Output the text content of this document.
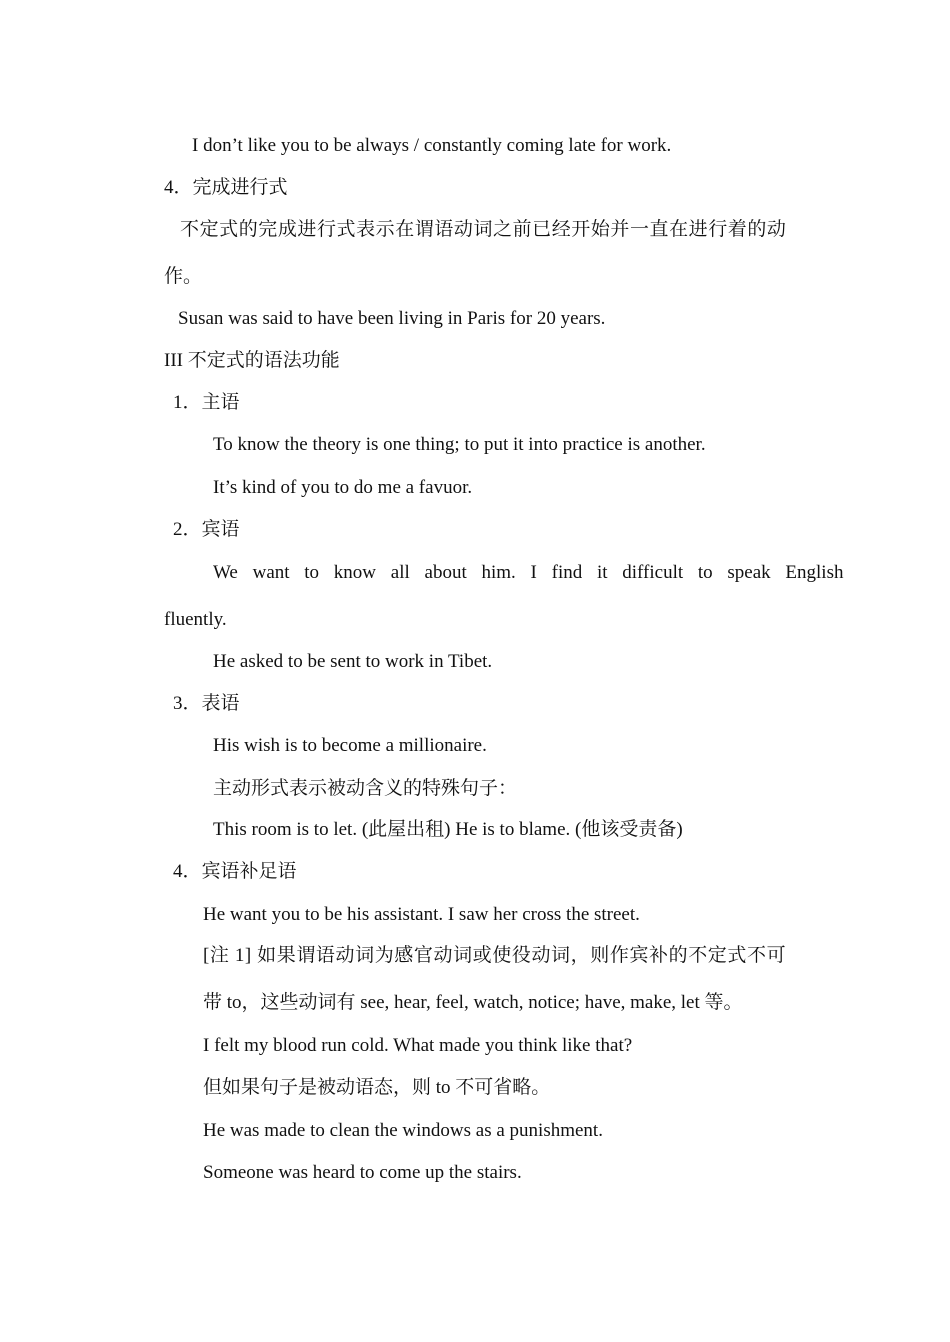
I don’t like you to be always / constantly coming late for work.
4．完成进行式
不 定 式 的 完 成 进 行 式 表 示 在 谓 语 动 词 之 前 已 经 开 始 并 一 直 在 进 行 着 的 动
作。
Susan was said to have been living in Paris for 20 years.
III 不定式的语法功能
1．主语
To know the theory is one thing; to put it into practice is another.
It’s kind of you to do me a favuor.
2．宾语
We want to know all about him. I find it difficult to speak English
fluently.
He asked to be sent to work in Tibet.
3．表语
His wish is to become a millionaire.
主动形式表示被动含义的特殊句子：
This room is to let. (此屋出租) He is to blame. (他该受责备)
4．宾语补足语
He want you to be his assistant. I saw her cross the street.
[ 注
1 ]
如 果 谓 语 动 词 为 感 官 动 词 或 使 役 动 词 ， 则 作 宾 补 的 不 定 式 不 可
带 to，这些动词有 see, hear, feel, watch, notice; have, make, let 等。
I felt my blood run cold. What made you think like that?
但如果句子是被动语态，则 to 不可省略。
He was made to clean the windows as a punishment.
Someone was heard to come up the stairs.
